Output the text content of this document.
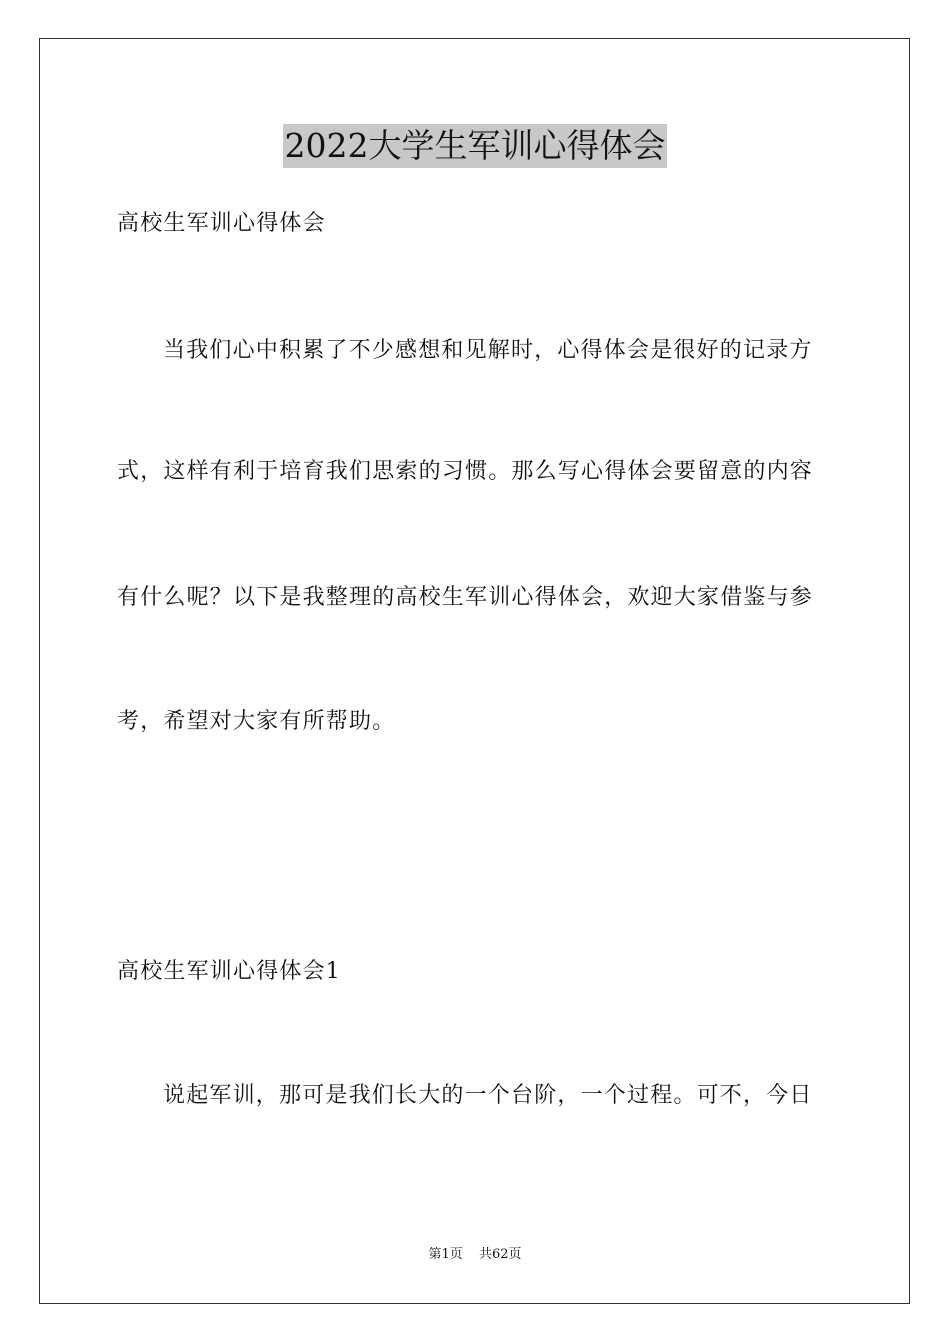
2022大学生军训心得体会
高校生军训心得体会
当我们心中积累了不少感想和见解时，心得体会是很好的记录方
式，这样有利于培育我们思索的习惯。那么写心得体会要留意的内容
有什么呢？以下是我整理的高校生军训心得体会，欢迎大家借鉴与参
考，希望对大家有所帮助。
高校生军训心得体会1
说起军训，那可是我们长大的一个台阶，一个过程。可不，今日
第1页 共62页
